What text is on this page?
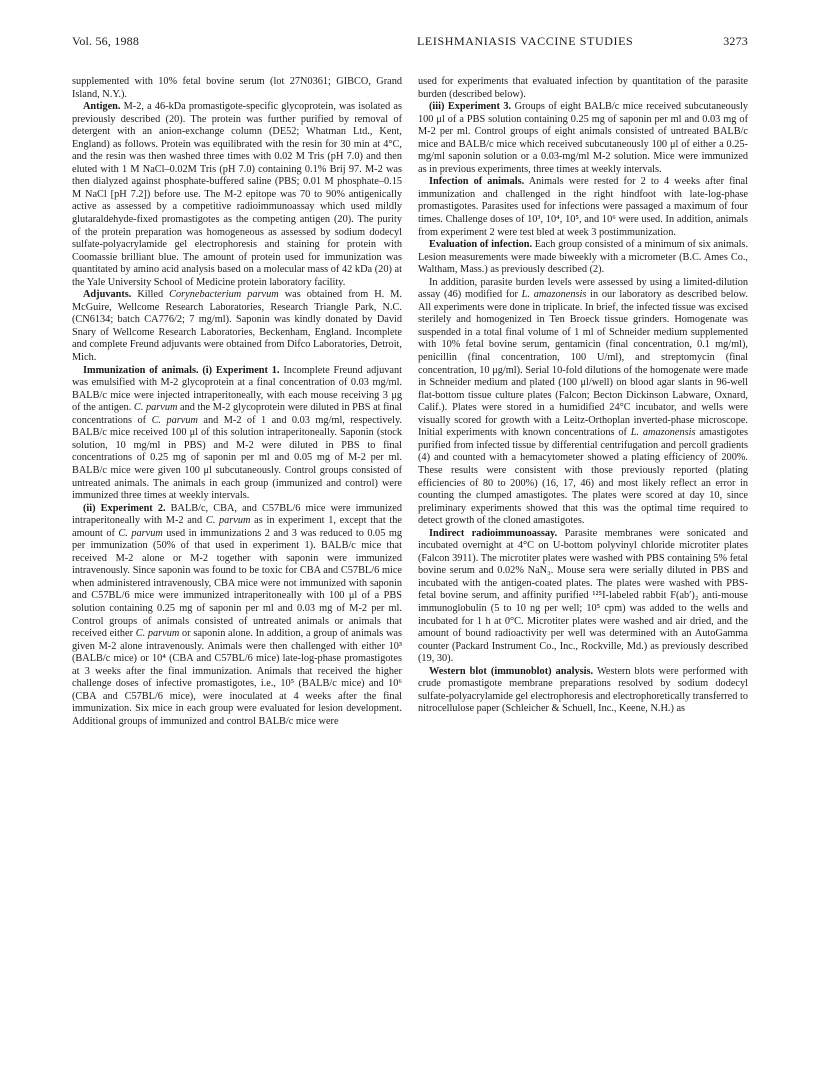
Vol. 56, 1988	LEISHMANIASIS VACCINE STUDIES	3273

supplemented with 10% fetal bovine serum (lot 27N0361; GIBCO, Grand Island, N.Y.).

Antigen. M-2, a 46-kDa promastigote-specific glycoprotein, was isolated as previously described (20). The protein was further purified by removal of detergent with an anion-exchange column (DE52; Whatman Ltd., Kent, England) as follows. Protein was equilibrated with the resin for 30 min at 4°C, and the resin was then washed three times with 0.02 M Tris (pH 7.0) and then eluted with 1 M NaCl–0.02M Tris (pH 7.0) containing 0.1% Brij 97. M-2 was then dialyzed against phosphate-buffered saline (PBS; 0.01 M phosphate–0.15 M NaCl [pH 7.2]) before use. The M-2 epitope was 70 to 90% antigenically active as assessed by a competitive radioimmunoassay which used mildly glutaraldehyde-fixed promastigotes as the competing antigen (20). The purity of the protein preparation was homogeneous as assessed by sodium dodecyl sulfate-polyacrylamide gel electrophoresis and staining for protein with Coomassie brilliant blue. The amount of protein used for immunization was quantitated by amino acid analysis based on a molecular mass of 42 kDa (20) at the Yale University School of Medicine protein laboratory facility.

Adjuvants. Killed Corynebacterium parvum was obtained from H. M. McGuire, Wellcome Research Laboratories, Research Triangle Park, N.C. (CN6134; batch CA776/2; 7 mg/ml). Saponin was kindly donated by David Snary of Wellcome Research Laboratories, Beckenham, England. Incomplete and complete Freund adjuvants were obtained from Difco Laboratories, Detroit, Mich.

Immunization of animals. (i) Experiment 1. Incomplete Freund adjuvant was emulsified with M-2 glycoprotein at a final concentration of 0.03 mg/ml. BALB/c mice were injected intraperitoneally, with each mouse receiving 3 μg of the antigen. C. parvum and the M-2 glycoprotein were diluted in PBS at final concentrations of C. parvum and M-2 of 1 and 0.03 mg/ml, respectively. BALB/c mice received 100 μl of this solution intraperitoneally. Saponin (stock solution, 10 mg/ml in PBS) and M-2 were diluted in PBS to final concentrations of 0.25 mg of saponin per ml and 0.05 mg of M-2 per ml. BALB/c mice were given 100 μl subcutaneously. Control groups consisted of untreated animals. The animals in each group (immunized and control) were immunized three times at weekly intervals.

(ii) Experiment 2. BALB/c, CBA, and C57BL/6 mice were immunized intraperitoneally with M-2 and C. parvum as in experiment 1, except that the amount of C. parvum used in immunizations 2 and 3 was reduced to 0.05 mg per immunization (50% of that used in experiment 1). BALB/c mice that received M-2 alone or M-2 together with saponin were immunized intravenously. Since saponin was found to be toxic for CBA and C57BL/6 mice when administered intravenously, CBA mice were not immunized with saponin and C57BL/6 mice were immunized intraperitoneally with 100 μl of a PBS solution containing 0.25 mg of saponin per ml and 0.03 mg of M-2 per ml. Control groups of animals consisted of untreated animals or animals that received either C. parvum or saponin alone. In addition, a group of animals was given M-2 alone intravenously. Animals were then challenged with either 10³ (BALB/c mice) or 10⁴ (CBA and C57BL/6 mice) late-log-phase promastigotes at 3 weeks after the final immunization. Animals that received the higher challenge doses of infective promastigotes, i.e., 10⁵ (BALB/c mice) and 10⁶ (CBA and C57BL/6 mice), were inoculated at 4 weeks after the final immunization. Six mice in each group were evaluated for lesion development. Additional groups of immunized and control BALB/c mice were

used for experiments that evaluated infection by quantitation of the parasite burden (described below).

(iii) Experiment 3. Groups of eight BALB/c mice received subcutaneously 100 μl of a PBS solution containing 0.25 mg of saponin per ml and 0.03 mg of M-2 per ml. Control groups of eight animals consisted of untreated BALB/c mice and BALB/c mice which received subcutaneously 100 μl of either a 0.25-mg/ml saponin solution or a 0.03-mg/ml M-2 solution. Mice were immunized as in previous experiments, three times at weekly intervals.

Infection of animals. Animals were rested for 2 to 4 weeks after final immunization and challenged in the right hindfoot with late-log-phase promastigotes. Parasites used for infections were passaged a maximum of four times. Challenge doses of 10³, 10⁴, 10⁵, and 10⁶ were used. In addition, animals from experiment 2 were test bled at week 3 postimmunization.

Evaluation of infection. Each group consisted of a minimum of six animals. Lesion measurements were made biweekly with a micrometer (B.C. Ames Co., Waltham, Mass.) as previously described (2).

In addition, parasite burden levels were assessed by using a limited-dilution assay (46) modified for L. amazonensis in our laboratory as described below. All experiments were done in triplicate. In brief, the infected tissue was excised sterilely and homogenized in Ten Broeck tissue grinders. Homogenate was suspended in a total final volume of 1 ml of Schneider medium supplemented with 10% fetal bovine serum, gentamicin (final concentration, 0.1 mg/ml), penicillin (final concentration, 100 U/ml), and streptomycin (final concentration, 10 μg/ml). Serial 10-fold dilutions of the homogenate were made in Schneider medium and plated (100 μl/well) on blood agar slants in 96-well flat-bottom tissue culture plates (Falcon; Becton Dickinson Labware, Oxnard, Calif.). Plates were stored in a humidified 24°C incubator, and wells were visually scored for growth with a Leitz-Orthoplan inverted-phase microscope. Initial experiments with known concentrations of L. amazonensis amastigotes purified from infected tissue by differential centrifugation and percoll gradients (4) and counted with a hemacytometer showed a plating efficiency of 200%. These results were consistent with those previously reported (plating efficiencies of 80 to 200%) (16, 17, 46) and most likely reflect an error in counting the clumped amastigotes. The plates were scored at day 10, since preliminary experiments showed that this was the optimal time required to detect growth of the cloned amastigotes.

Indirect radioimmunoassay. Parasite membranes were sonicated and incubated overnight at 4°C on U-bottom polyvinyl chloride microtiter plates (Falcon 3911). The microtiter plates were washed with PBS containing 5% fetal bovine serum and 0.02% NaN₃. Mouse sera were serially diluted in PBS and incubated with the antigen-coated plates. The plates were washed with PBS-fetal bovine serum, and affinity purified ¹²⁵I-labeled rabbit F(ab′)₂ anti-mouse immunoglobulin (5 to 10 ng per well; 10⁵ cpm) was added to the wells and incubated for 1 h at 0°C. Microtiter plates were washed and air dried, and the amount of bound radioactivity per well was determined with an AutoGamma counter (Packard Instrument Co., Inc., Rockville, Md.) as previously described (19, 30).

Western blot (immunoblot) analysis. Western blots were performed with crude promastigote membrane preparations resolved by sodium dodecyl sulfate-polyacrylamide gel electrophoresis and electrophoretically transferred to nitrocellulose paper (Schleicher & Schuell, Inc., Keene, N.H.) as
